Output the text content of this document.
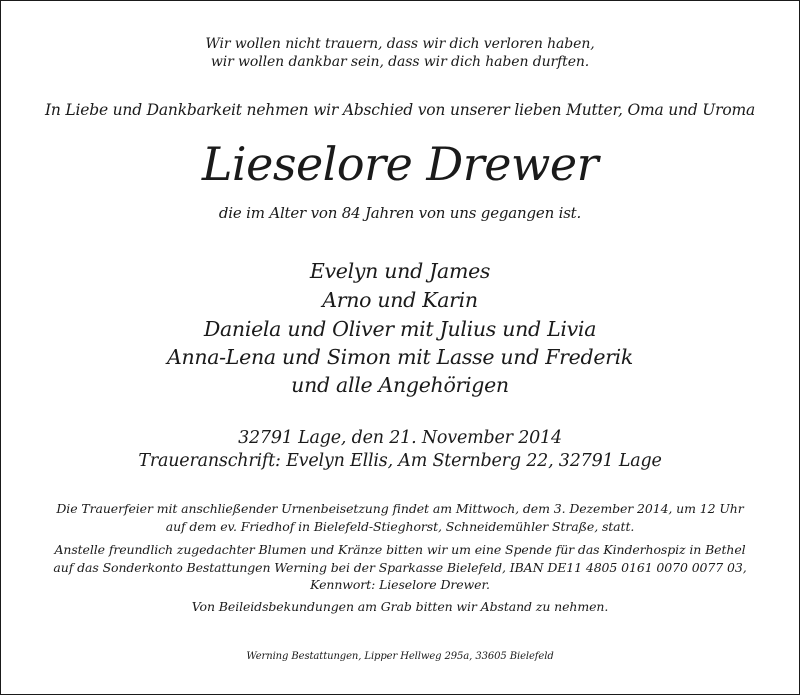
Wir wollen nicht trauern, dass wir dich verloren haben,
wir wollen dankbar sein, dass wir dich haben durften.
In Liebe und Dankbarkeit nehmen wir Abschied von unserer lieben Mutter, Oma und Uroma
Lieselore Drewer
die im Alter von 84 Jahren von uns gegangen ist.
Evelyn und James
Arno und Karin
Daniela und Oliver mit Julius und Livia
Anna-Lena und Simon mit Lasse und Frederik
und alle Angehörigen
32791 Lage, den 21. November 2014
Traueranschrift: Evelyn Ellis, Am Sternberg 22, 32791 Lage
Die Trauerfeier mit anschließender Urnenbeisetzung findet am Mittwoch, dem 3. Dezember 2014, um 12 Uhr
auf dem ev. Friedhof in Bielefeld-Stieghorst, Schneidemühler Straße, statt.
Anstelle freundlich zugedachter Blumen und Kränze bitten wir um eine Spende für das Kinderhospiz in Bethel
auf das Sonderkonto Bestattungen Werning bei der Sparkasse Bielefeld, IBAN DE11 4805 0161 0070 0077 03,
Kennwort: Lieselore Drewer.
Von Beileidsbekundungen am Grab bitten wir Abstand zu nehmen.
Werning Bestattungen, Lipper Hellweg 295a, 33605 Bielefeld
